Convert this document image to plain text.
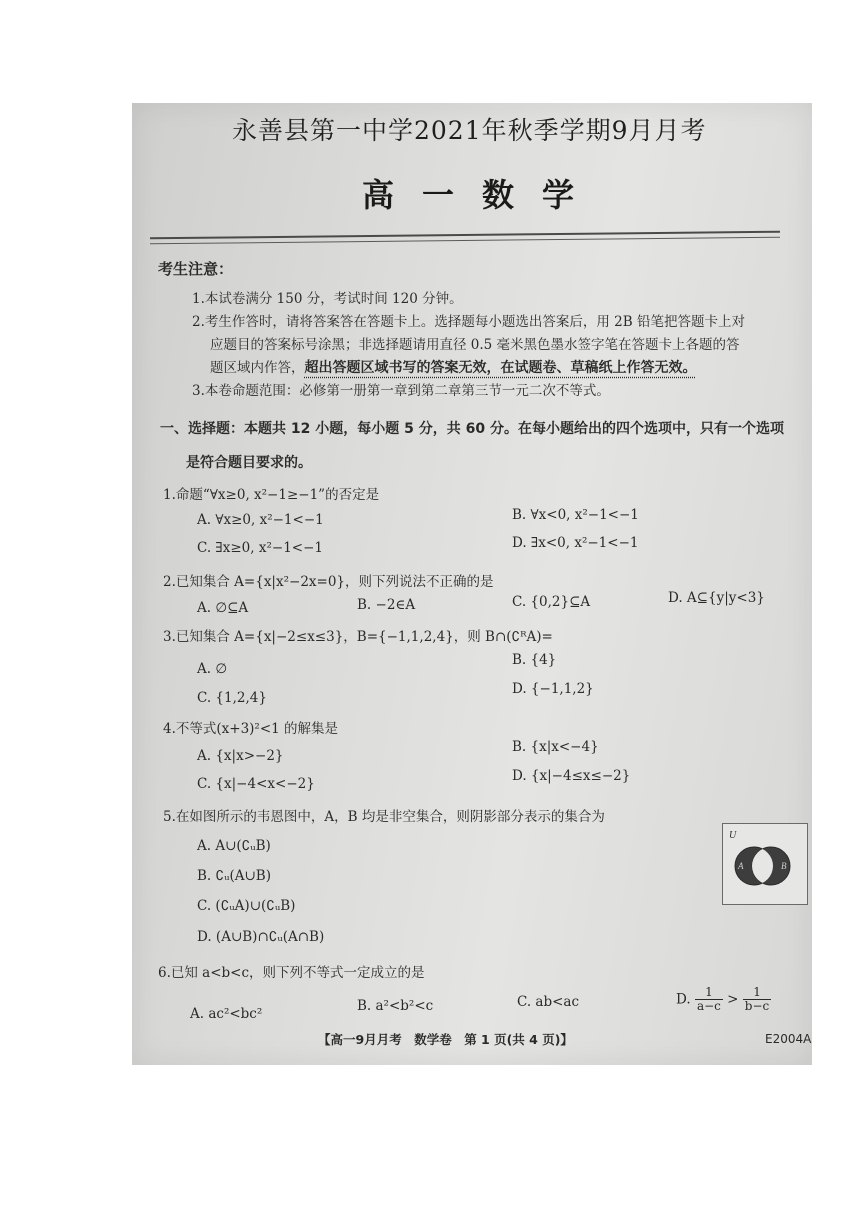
永善县第一中学2021年秋季学期9月月考
高一数学
考生注意：
1.本试卷满分 150 分，考试时间 120 分钟。
2.考生作答时，请将答案答在答题卡上。选择题每小题选出答案后，用 2B 铅笔把答题卡上对
应题目的答案标号涂黑；非选择题请用直径 0.5 毫米黑色墨水签字笔在答题卡上各题的答
题区域内作答，超出答题区域书写的答案无效，在试题卷、草稿纸上作答无效。
3.本卷命题范围：必修第一册第一章到第二章第三节一元二次不等式。
一、选择题：本题共 12 小题，每小题 5 分，共 60 分。在每小题给出的四个选项中，只有一个选项
是符合题目要求的。
1.命题“∀x≥0, x²−1≥−1”的否定是
A. ∀x≥0, x²−1<−1	B. ∀x<0, x²−1<−1
C. ∃x≥0, x²−1<−1	D. ∃x<0, x²−1<−1
2.已知集合 A={x|x²−2x=0}，则下列说法不正确的是
A. ∅⊆A	B. −2∈A	C. {0,2}⊆A	D. A⊆{y|y<3}
3.已知集合 A={x|−2≤x≤3}，B={−1,1,2,4}，则 B∩(∁ᴿA)=
A. ∅
B. {4}
C. {1,2,4}
D. {−1,1,2}
4.不等式(x+3)²<1 的解集是
A. {x|x>−2}
B. {x|x<−4}
C. {x|−4<x<−2}	D. {x|−4≤x≤−2}
5.在如图所示的韦恩图中，A，B 均是非空集合，则阴影部分表示的集合为
A. A∪(∁ᵤB)
B. ∁ᵤ(A∪B)
C. (∁ᵤA)∪(∁ᵤB)
D. (A∪B)∩∁ᵤ(A∩B)
U
A	B
6.已知 a<b<c，则下列不等式一定成立的是
A. ac²<bc²	B. a²<b²<c	C. ab<ac	D. $\frac{1}{a-c} > \frac{1}{b-c}$
【高一9月月考　数学卷　第 1 页(共 4 页)】	E2004A
